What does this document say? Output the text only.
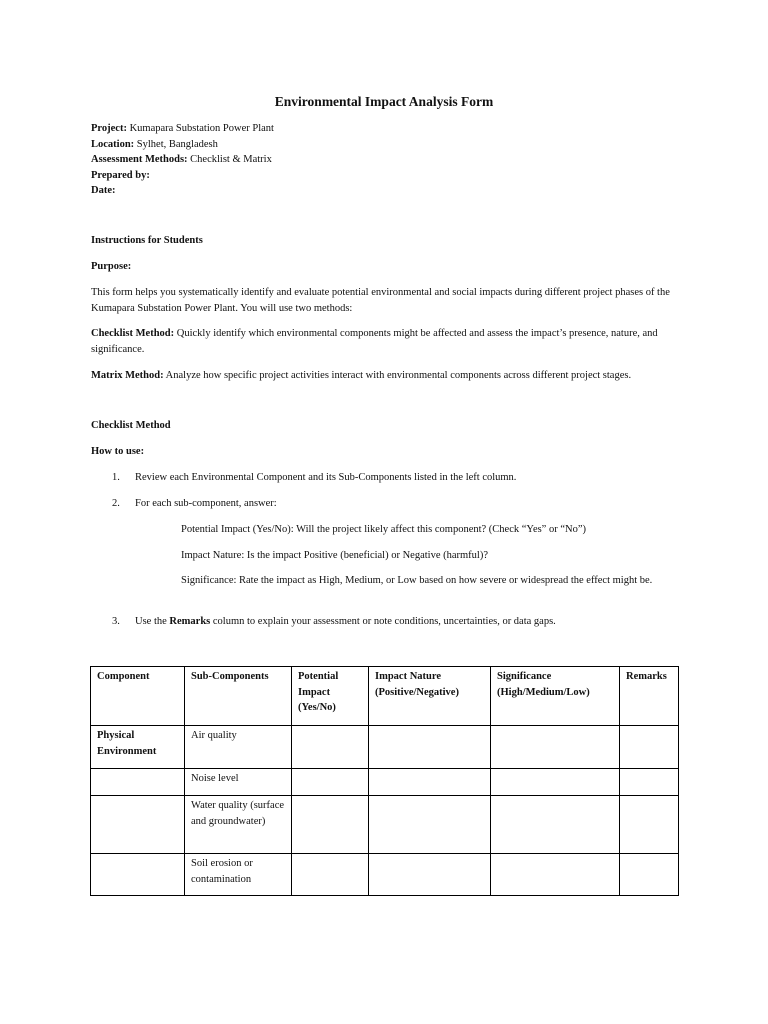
Environmental Impact Analysis Form
Project: Kumapara Substation Power Plant
Location: Sylhet, Bangladesh
Assessment Methods: Checklist & Matrix
Prepared by:
Date:

Instructions for Students

Purpose:

This form helps you systematically identify and evaluate potential environmental and social impacts during different project phases of the Kumapara Substation Power Plant. You will use two methods:

Checklist Method: Quickly identify which environmental components might be affected and assess the impact’s presence, nature, and significance.

Matrix Method: Analyze how specific project activities interact with environmental components across different project stages.

Checklist Method

How to use:

1. Review each Environmental Component and its Sub-Components listed in the left column.
2. For each sub-component, answer:

Potential Impact (Yes/No): Will the project likely affect this component? (Check “Yes” or “No”)

Impact Nature: Is the impact Positive (beneficial) or Negative (harmful)?

Significance: Rate the impact as High, Medium, or Low based on how severe or widespread the effect might be.

3. Use the Remarks column to explain your assessment or note conditions, uncertainties, or data gaps.
Component	Sub-Components	Potential Impact (Yes/No)	Impact Nature (Positive/Negative)	Significance (High/Medium/Low)	Remarks
Physical Environment	Air quality				
	Noise level				
	Water quality (surface and groundwater)				
	Soil erosion or contamination				
